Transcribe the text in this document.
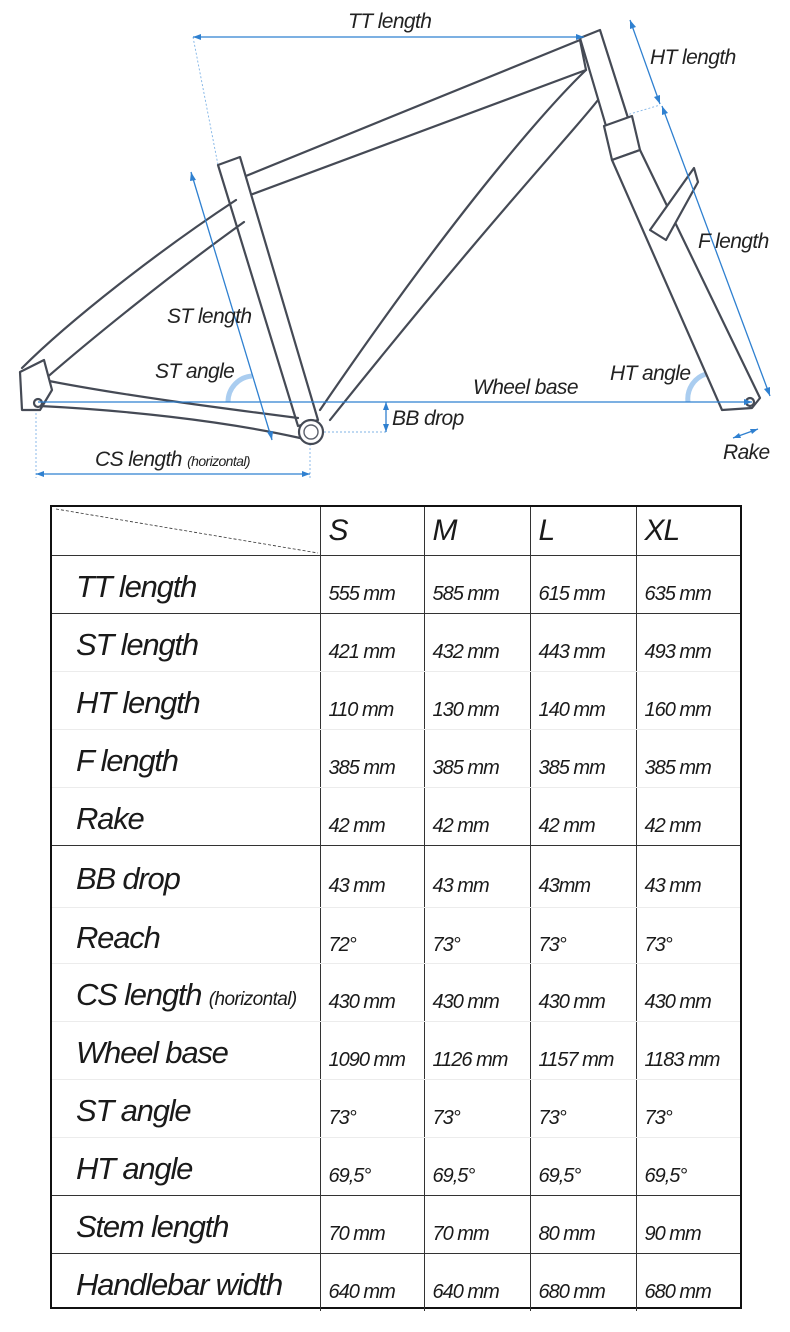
TT length
HT length
F length
ST length
ST angle	HT angle
Wheel base
BB drop
CS length (horizontal)	Rake
	S	M	L	XL
TT length	555 mm	585 mm	615 mm	635 mm
ST length	421 mm	432 mm	443 mm	493 mm
HT length	110 mm	130 mm	140 mm	160 mm
F length	385 mm	385 mm	385 mm	385 mm
Rake	42 mm	42 mm	42 mm	42 mm
BB drop	43 mm	43 mm	43mm	43 mm
Reach	72°	73°	73°	73°
CS length (horizontal)	430 mm	430 mm	430 mm	430 mm
Wheel base	1090 mm	1126 mm	1157 mm	1183 mm
ST angle	73°	73°	73°	73°
HT angle	69,5°	69,5°	69,5°	69,5°
Stem length	70 mm	70 mm	80 mm	90 mm
Handlebar width	640 mm	640 mm	680 mm	680 mm
